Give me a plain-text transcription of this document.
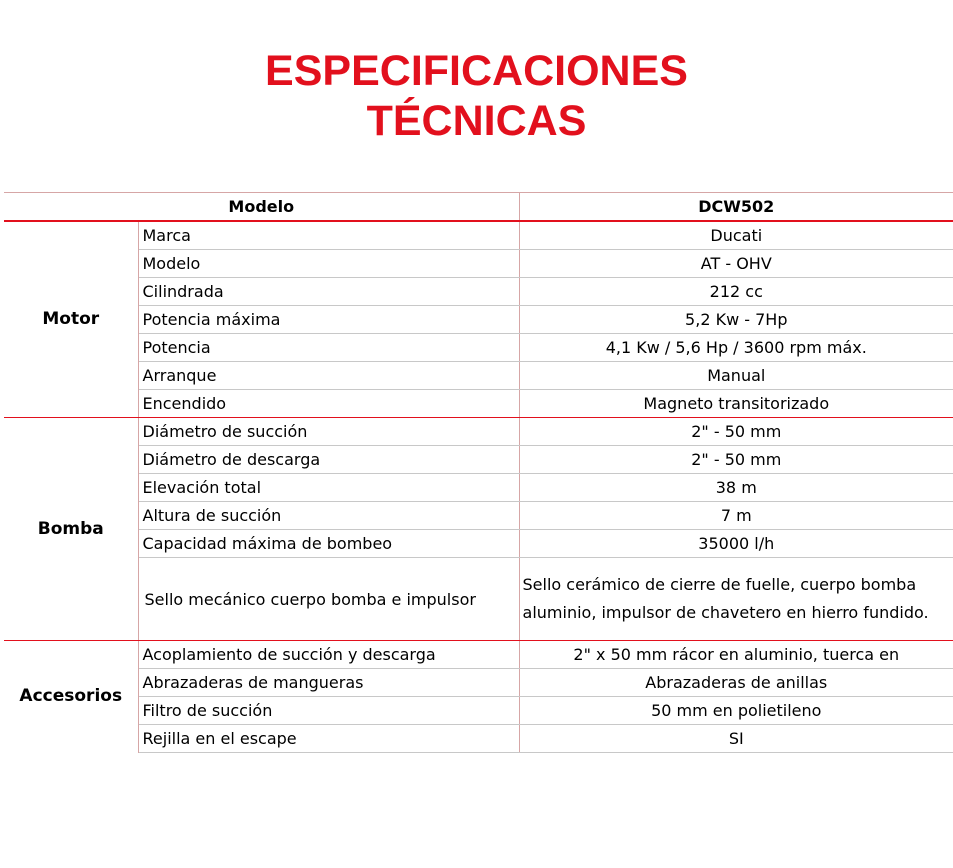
ESPECIFICACIONES
TÉCNICAS
Modelo		DCW502
Motor	Marca	Ducati
	Modelo	AT - OHV
	Cilindrada	212 cc
	Potencia máxima	5,2 Kw - 7Hp
	Potencia	4,1 Kw / 5,6 Hp / 3600 rpm máx.
	Arranque	Manual
	Encendido	Magneto transitorizado
Bomba	Diámetro de succión	2" - 50 mm
	Diámetro de descarga	2" - 50 mm
	Elevación total	38 m
	Altura de succión	7 m
	Capacidad máxima de bombeo	35000 l/h
	Sello mecánico cuerpo bomba e impulsor	Sello cerámico de cierre de fuelle, cuerpo bomba aluminio, impulsor de chavetero en hierro fundido.
Accesorios	Acoplamiento de succión y descarga	2" x 50 mm rácor en aluminio, tuerca en
	Abrazaderas de mangueras	Abrazaderas de anillas
	Filtro de succión	50 mm en polietileno
	Rejilla en el escape	SI
